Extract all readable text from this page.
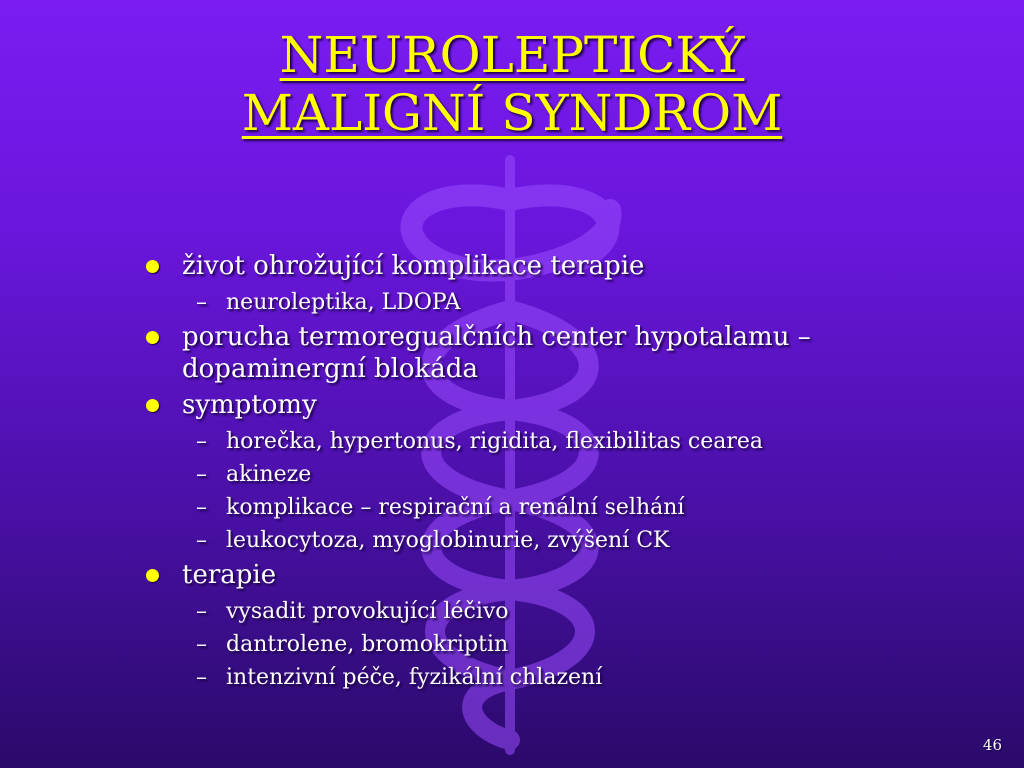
NEUROLEPTICKÝ
MALIGNÍ SYNDROM
život ohrožující komplikace terapie
– neuroleptika, LDOPA
porucha termoregualčních center hypotalamu – dopaminergní blokáda
symptomy
– horečka, hypertonus, rigidita, flexibilitas cearea
– akineze
– komplikace – respirační a renální selhání
– leukocytoza, myoglobinurie, zvýšení CK
terapie
– vysadit provokující léčivo
– dantrolene, bromokriptin
– intenzivní péče, fyzikální chlazení
46
